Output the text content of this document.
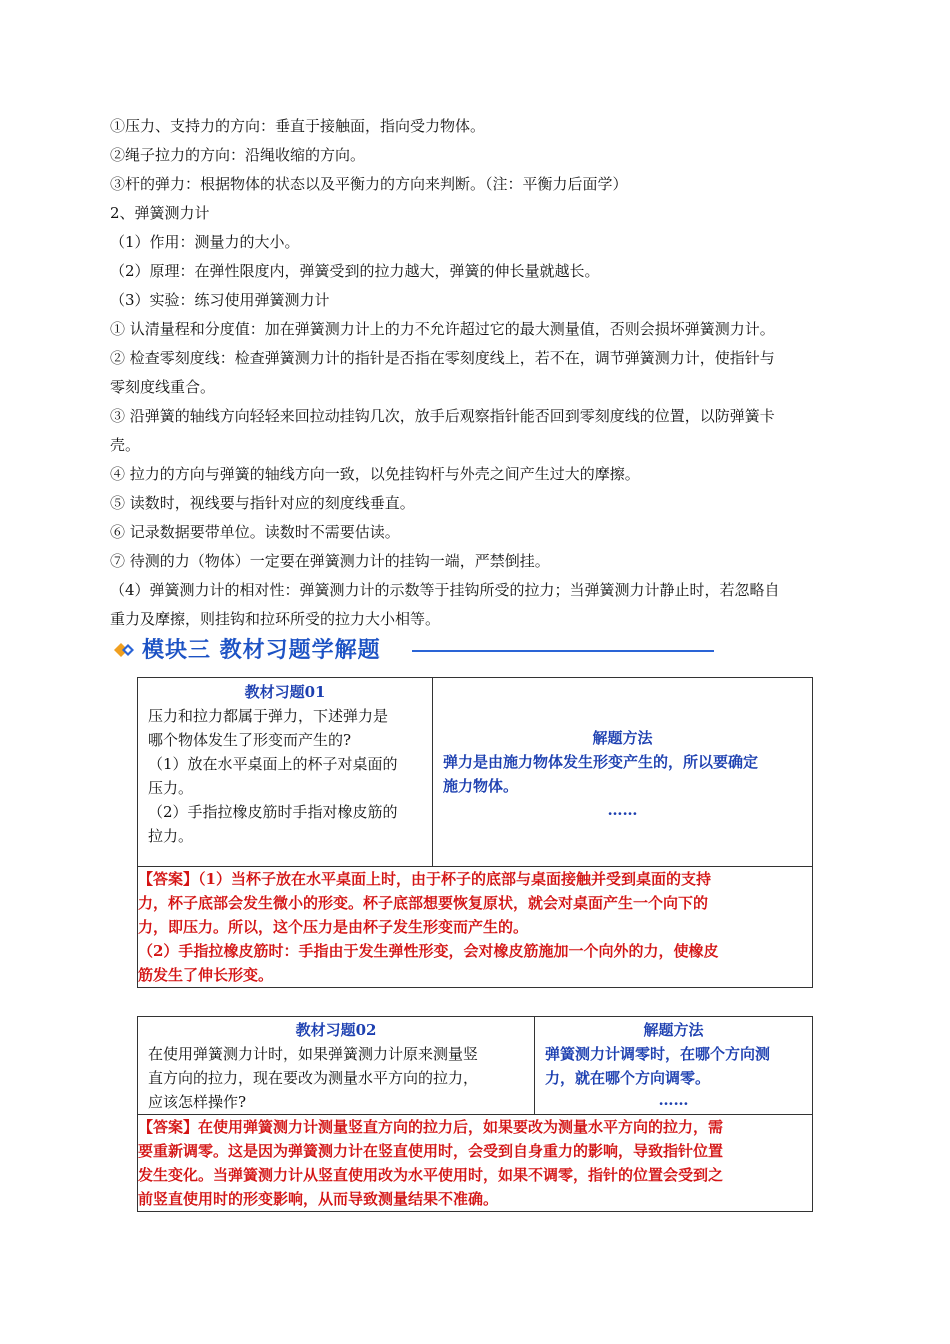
①压力、支持力的方向：垂直于接触面，指向受力物体。
②绳子拉力的方向：沿绳收缩的方向。
③杆的弹力：根据物体的状态以及平衡力的方向来判断。（注：平衡力后面学）
2、弹簧测力计
（1）作用：测量力的大小。
（2）原理：在弹性限度内，弹簧受到的拉力越大，弹簧的伸长量就越长。
（3）实验：练习使用弹簧测力计
① 认清量程和分度值：加在弹簧测力计上的力不允许超过它的最大测量值，否则会损坏弹簧测力计。
② 检查零刻度线：检查弹簧测力计的指针是否指在零刻度线上，若不在，调节弹簧测力计，使指针与
零刻度线重合。
③ 沿弹簧的轴线方向轻轻来回拉动挂钩几次，放手后观察指针能否回到零刻度线的位置，以防弹簧卡
壳。
④ 拉力的方向与弹簧的轴线方向一致，以免挂钩杆与外壳之间产生过大的摩擦。
⑤ 读数时，视线要与指针对应的刻度线垂直。
⑥ 记录数据要带单位。读数时不需要估读。
⑦ 待测的力（物体）一定要在弹簧测力计的挂钩一端，严禁倒挂。
（4）弹簧测力计的相对性：弹簧测力计的示数等于挂钩所受的拉力；当弹簧测力计静止时，若忽略自
重力及摩擦，则挂钩和拉环所受的拉力大小相等。
模块三 教材习题学解题
教材习题01
压力和拉力都属于弹力，下述弹力是
哪个物体发生了形变而产生的?
（1）放在水平桌面上的杯子对桌面的
压力。
（2）手指拉橡皮筋时手指对橡皮筋的
拉力。

解题方法
弹力是由施力物体发生形变产生的，所以要确定
施力物体。
……

【答案】（1）当杯子放在水平桌面上时，由于杯子的底部与桌面接触并受到桌面的支持
力，杯子底部会发生微小的形变。杯子底部想要恢复原状，就会对桌面产生一个向下的
力，即压力。所以，这个压力是由杯子发生形变而产生的。
（2）手指拉橡皮筋时：手指由于发生弹性形变，会对橡皮筋施加一个向外的力，使橡皮
筋发生了伸长形变。
教材习题02
在使用弹簧测力计时，如果弹簧测力计原来测量竖
直方向的拉力，现在要改为测量水平方向的拉力，
应该怎样操作?

解题方法
弹簧测力计调零时，在哪个方向测
力，就在哪个方向调零。
……

【答案】在使用弹簧测力计测量竖直方向的拉力后，如果要改为测量水平方向的拉力，需
要重新调零。这是因为弹簧测力计在竖直使用时，会受到自身重力的影响，导致指针位置
发生变化。当弹簧测力计从竖直使用改为水平使用时，如果不调零，指针的位置会受到之
前竖直使用时的形变影响，从而导致测量结果不准确。
